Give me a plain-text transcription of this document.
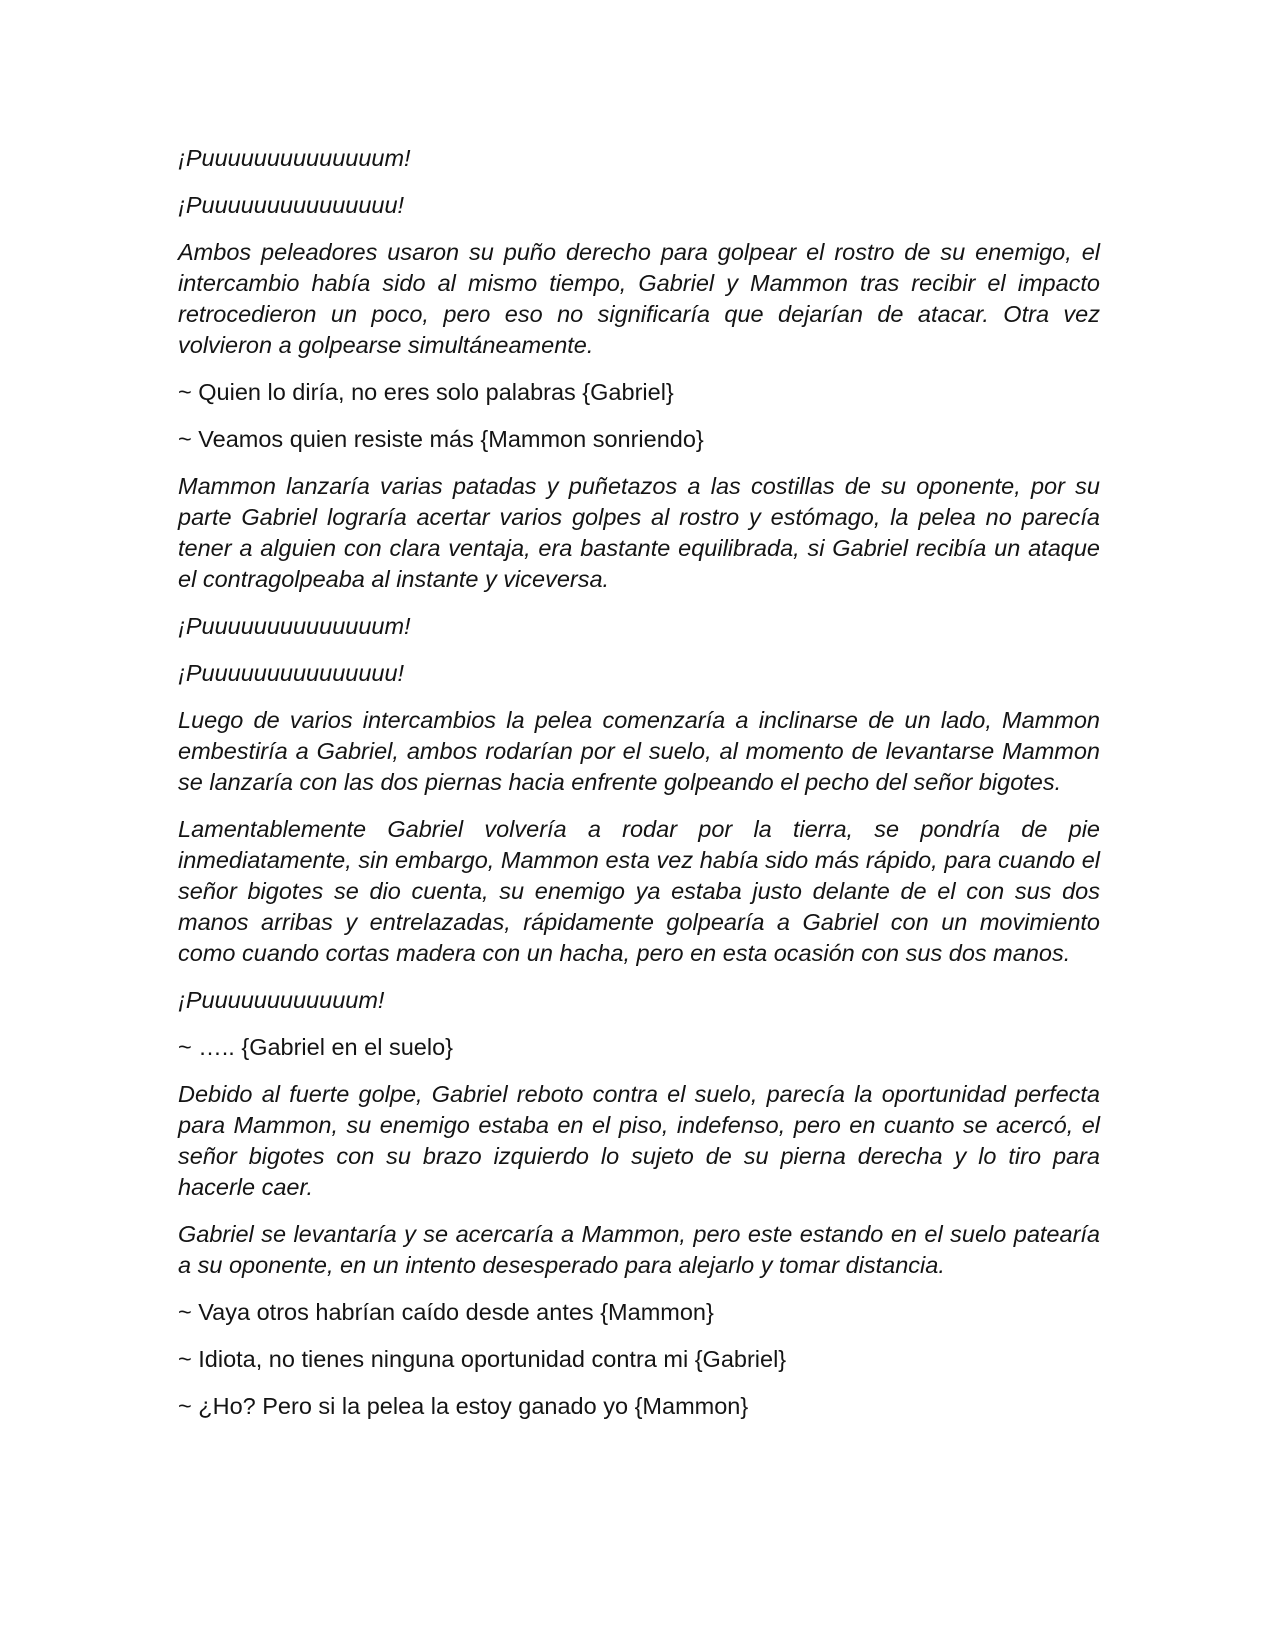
¡Puuuuuuuuuuuuuum!

¡Puuuuuuuuuuuuuuu!

Ambos peleadores usaron su puño derecho para golpear el rostro de su enemigo, el intercambio había sido al mismo tiempo, Gabriel y Mammon tras recibir el impacto retrocedieron un poco, pero eso no significaría que dejarían de atacar. Otra vez volvieron a golpearse simultáneamente.

~ Quien lo diría, no eres solo palabras {Gabriel}

~ Veamos quien resiste más {Mammon sonriendo}

Mammon lanzaría varias patadas y puñetazos a las costillas de su oponente, por su parte Gabriel lograría acertar varios golpes al rostro y estómago, la pelea no parecía tener a alguien con clara ventaja, era bastante equilibrada, si Gabriel recibía un ataque el contragolpeaba al instante y viceversa.

¡Puuuuuuuuuuuuuum!

¡Puuuuuuuuuuuuuuu!

Luego de varios intercambios la pelea comenzaría a inclinarse de un lado, Mammon embestiría a Gabriel, ambos rodarían por el suelo, al momento de levantarse Mammon se lanzaría con las dos piernas hacia enfrente golpeando el pecho del señor bigotes.

Lamentablemente Gabriel volvería a rodar por la tierra, se pondría de pie inmediatamente, sin embargo, Mammon esta vez había sido más rápido, para cuando el señor bigotes se dio cuenta, su enemigo ya estaba justo delante de el con sus dos manos arribas y entrelazadas, rápidamente golpearía a Gabriel con un movimiento como cuando cortas madera con un hacha, pero en esta ocasión con sus dos manos.

¡Puuuuuuuuuuuum!

~ ….. {Gabriel en el suelo}

Debido al fuerte golpe, Gabriel reboto contra el suelo, parecía la oportunidad perfecta para Mammon, su enemigo estaba en el piso, indefenso, pero en cuanto se acercó, el señor bigotes con su brazo izquierdo lo sujeto de su pierna derecha y lo tiro para hacerle caer.

Gabriel se levantaría y se acercaría a Mammon, pero este estando en el suelo patearía a su oponente, en un intento desesperado para alejarlo y tomar distancia.

~ Vaya otros habrían caído desde antes {Mammon}

~ Idiota, no tienes ninguna oportunidad contra mi {Gabriel}

~ ¿Ho? Pero si la pelea la estoy ganado yo {Mammon}
